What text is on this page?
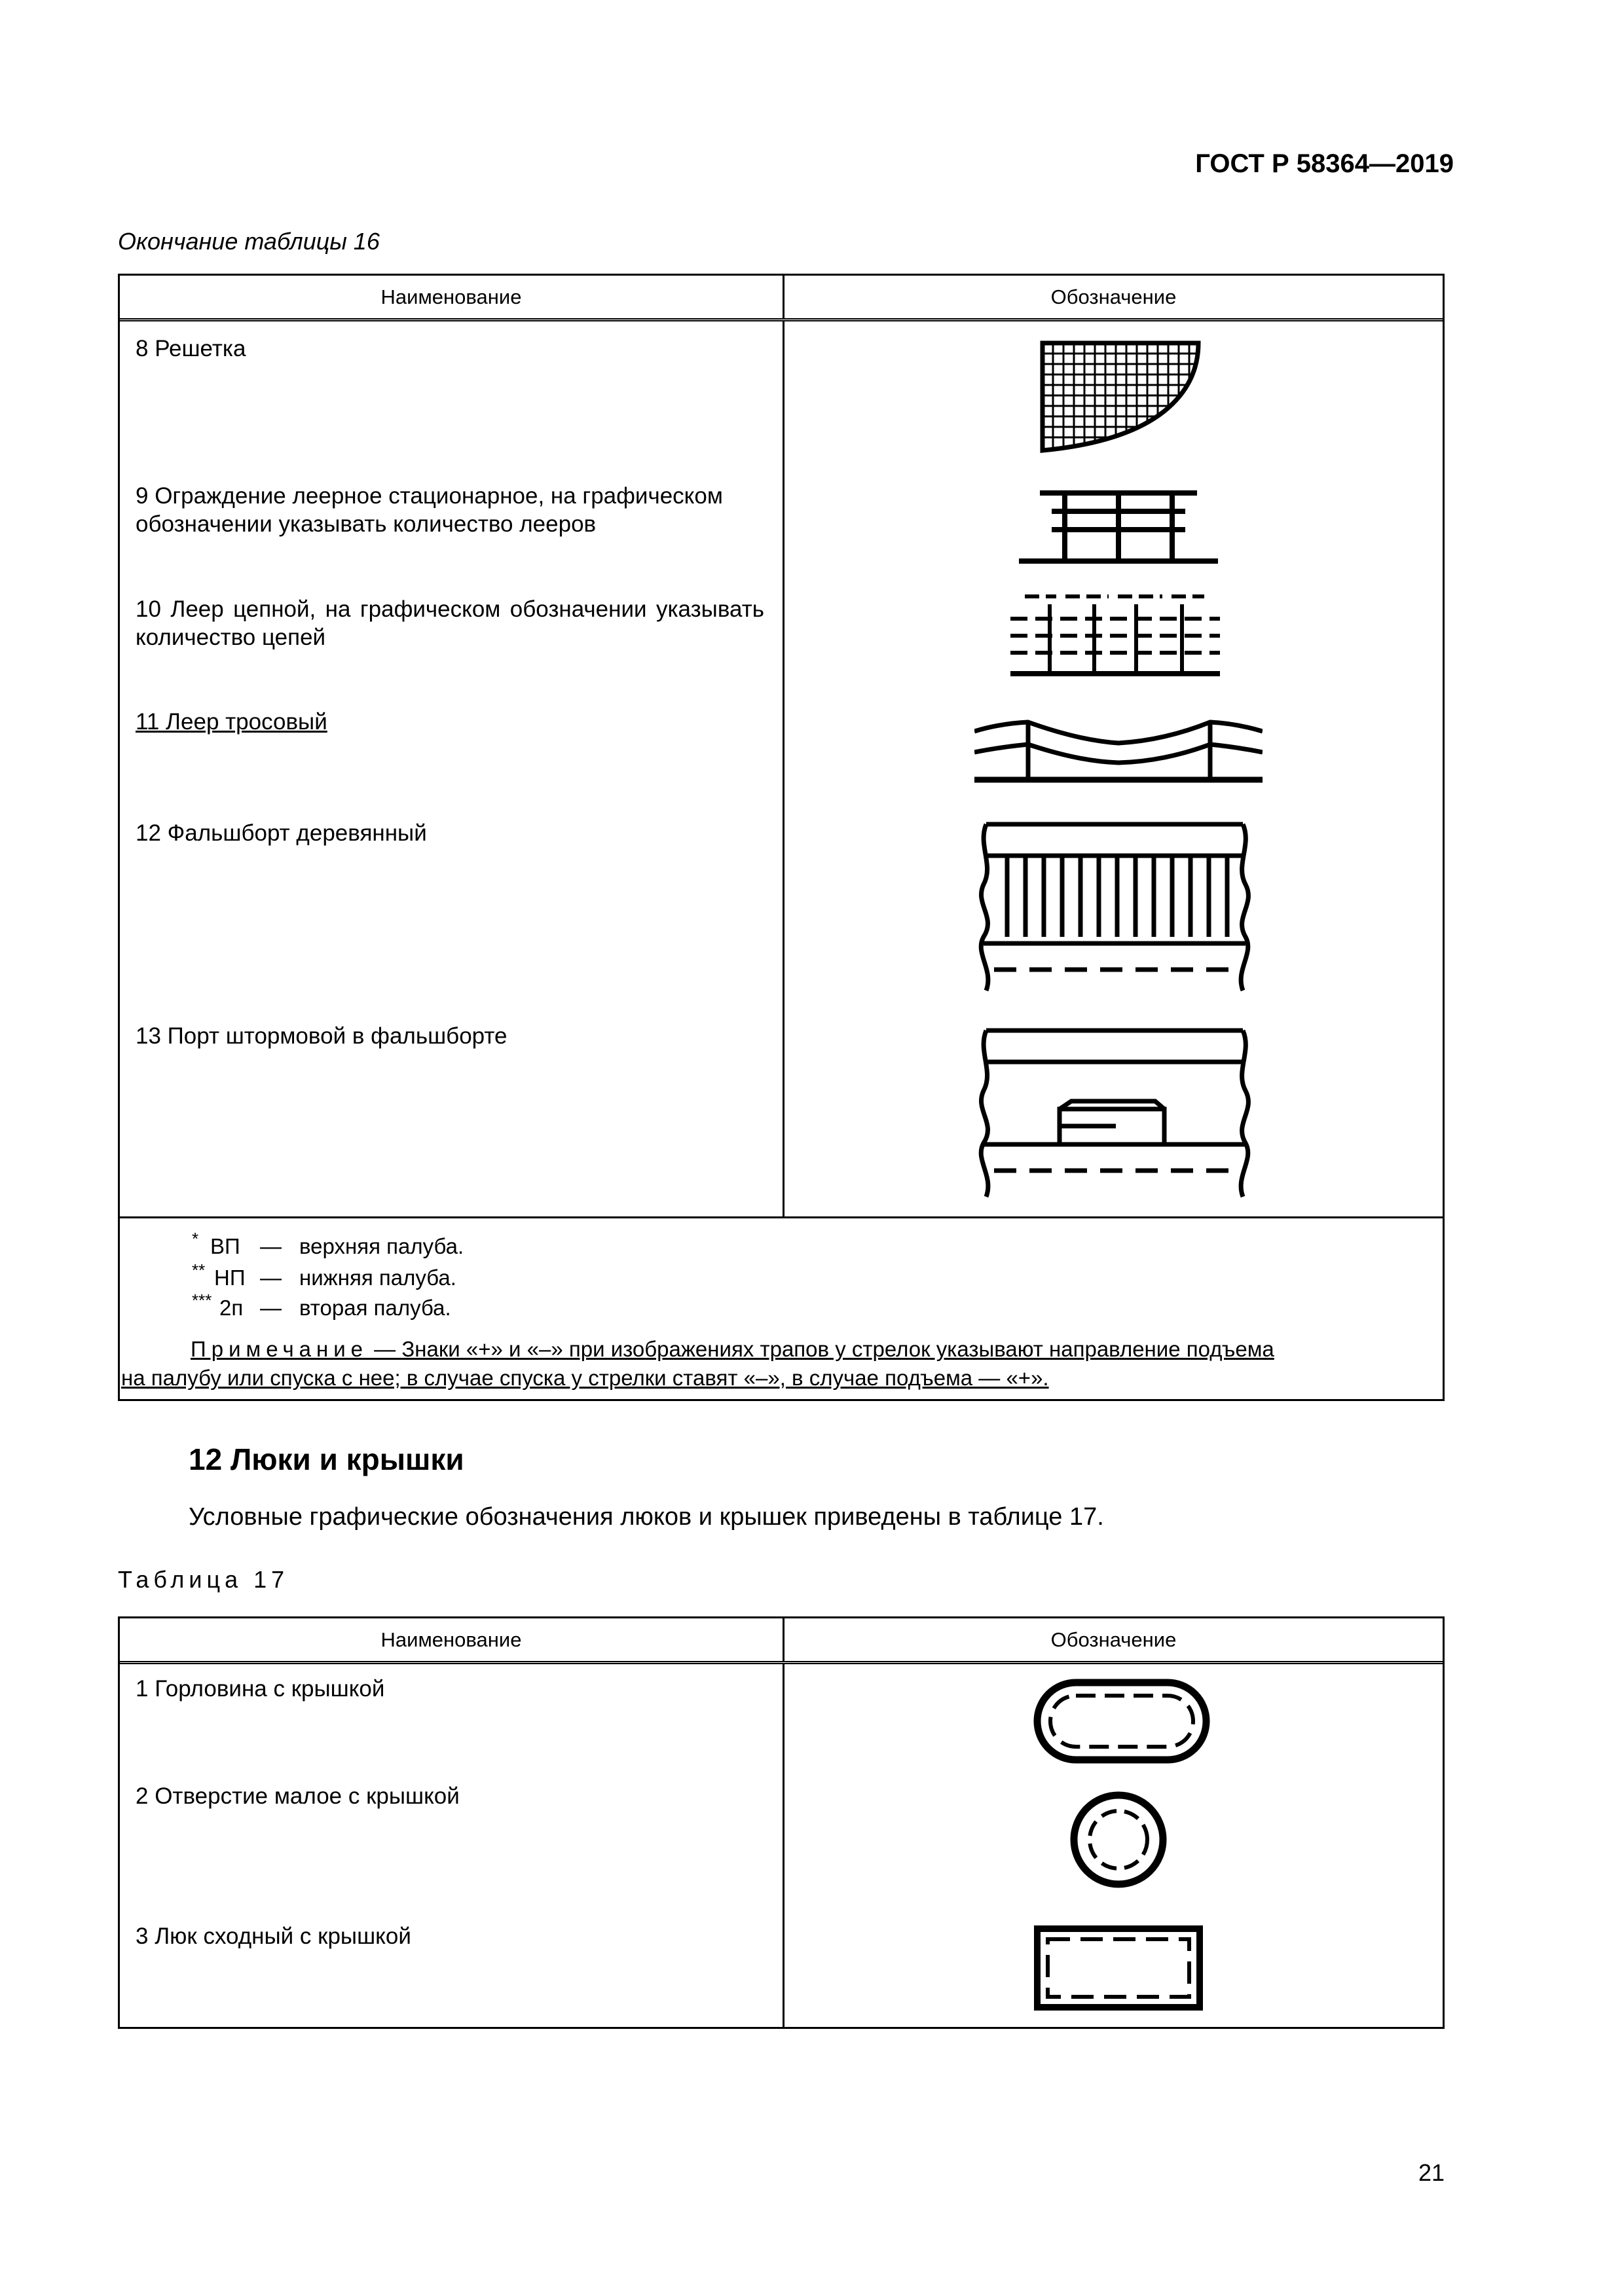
ГОСТ Р 58364—2019
Окончание таблицы 16
Наименование	Обозначение
8 Решетка
9 Ограждение леерное стационарное, на графическом обозначении указывать количество лееров
10 Леер цепной, на графическом обозначении указывать количество цепей
11 Леер тросовый
12 Фальшборт деревянный
13 Порт штормовой в фальшборте
* ВП — верхняя палуба.
** НП — нижняя палуба.
*** 2п — вторая палуба.
Примечание — Знаки «+» и «–» при изображениях трапов у стрелок указывают направление подъема
на палубу или спуска с нее; в случае спуска у стрелки ставят «–», в случае подъема — «+».
12 Люки и крышки
Условные графические обозначения люков и крышек приведены в таблице 17.
Таблица 17
Наименование	Обозначение
1 Горловина с крышкой
2 Отверстие малое с крышкой
3 Люк сходный с крышкой
21
